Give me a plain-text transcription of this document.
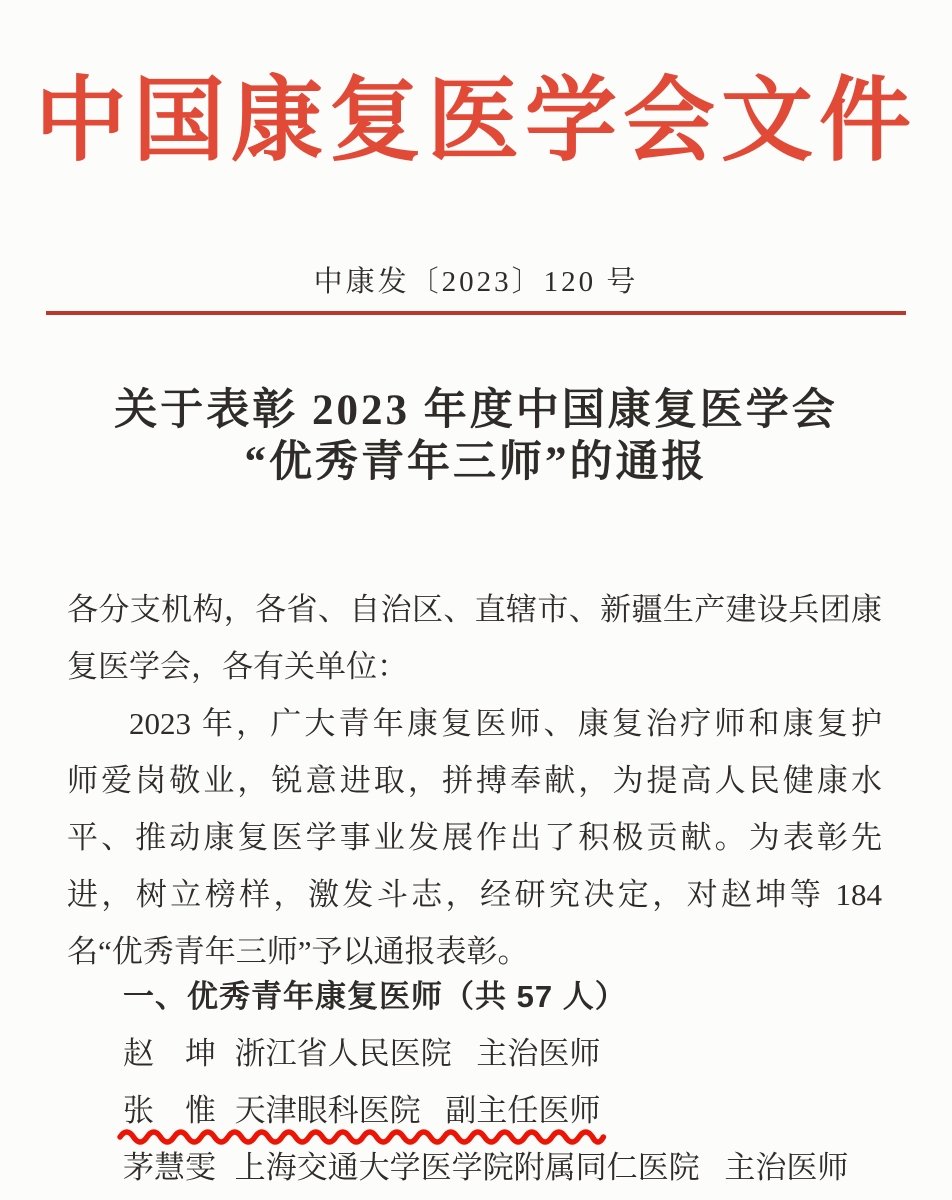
中国康复医学会文件
中康发〔2023〕120 号
关于表彰 2023 年度中国康复医学会
“优秀青年三师”的通报
各分支机构，各省、自治区、直辖市、新疆生产建设兵团康
复医学会，各有关单位：
2023 年，广大青年康复医师、康复治疗师和康复护
师爱岗敬业，锐意进取，拼搏奉献，为提高人民健康水
平、推动康复医学事业发展作出了积极贡献。为表彰先
进，树立榜样，激发斗志，经研究决定，对赵坤等 184
名“优秀青年三师”予以通报表彰。
一、优秀青年康复医师（共 57 人）
赵　坤 浙江省人民医院 主治医师
张　惟 天津眼科医院 副主任医师
茅慧雯 上海交通大学医学院附属同仁医院 主治医师
